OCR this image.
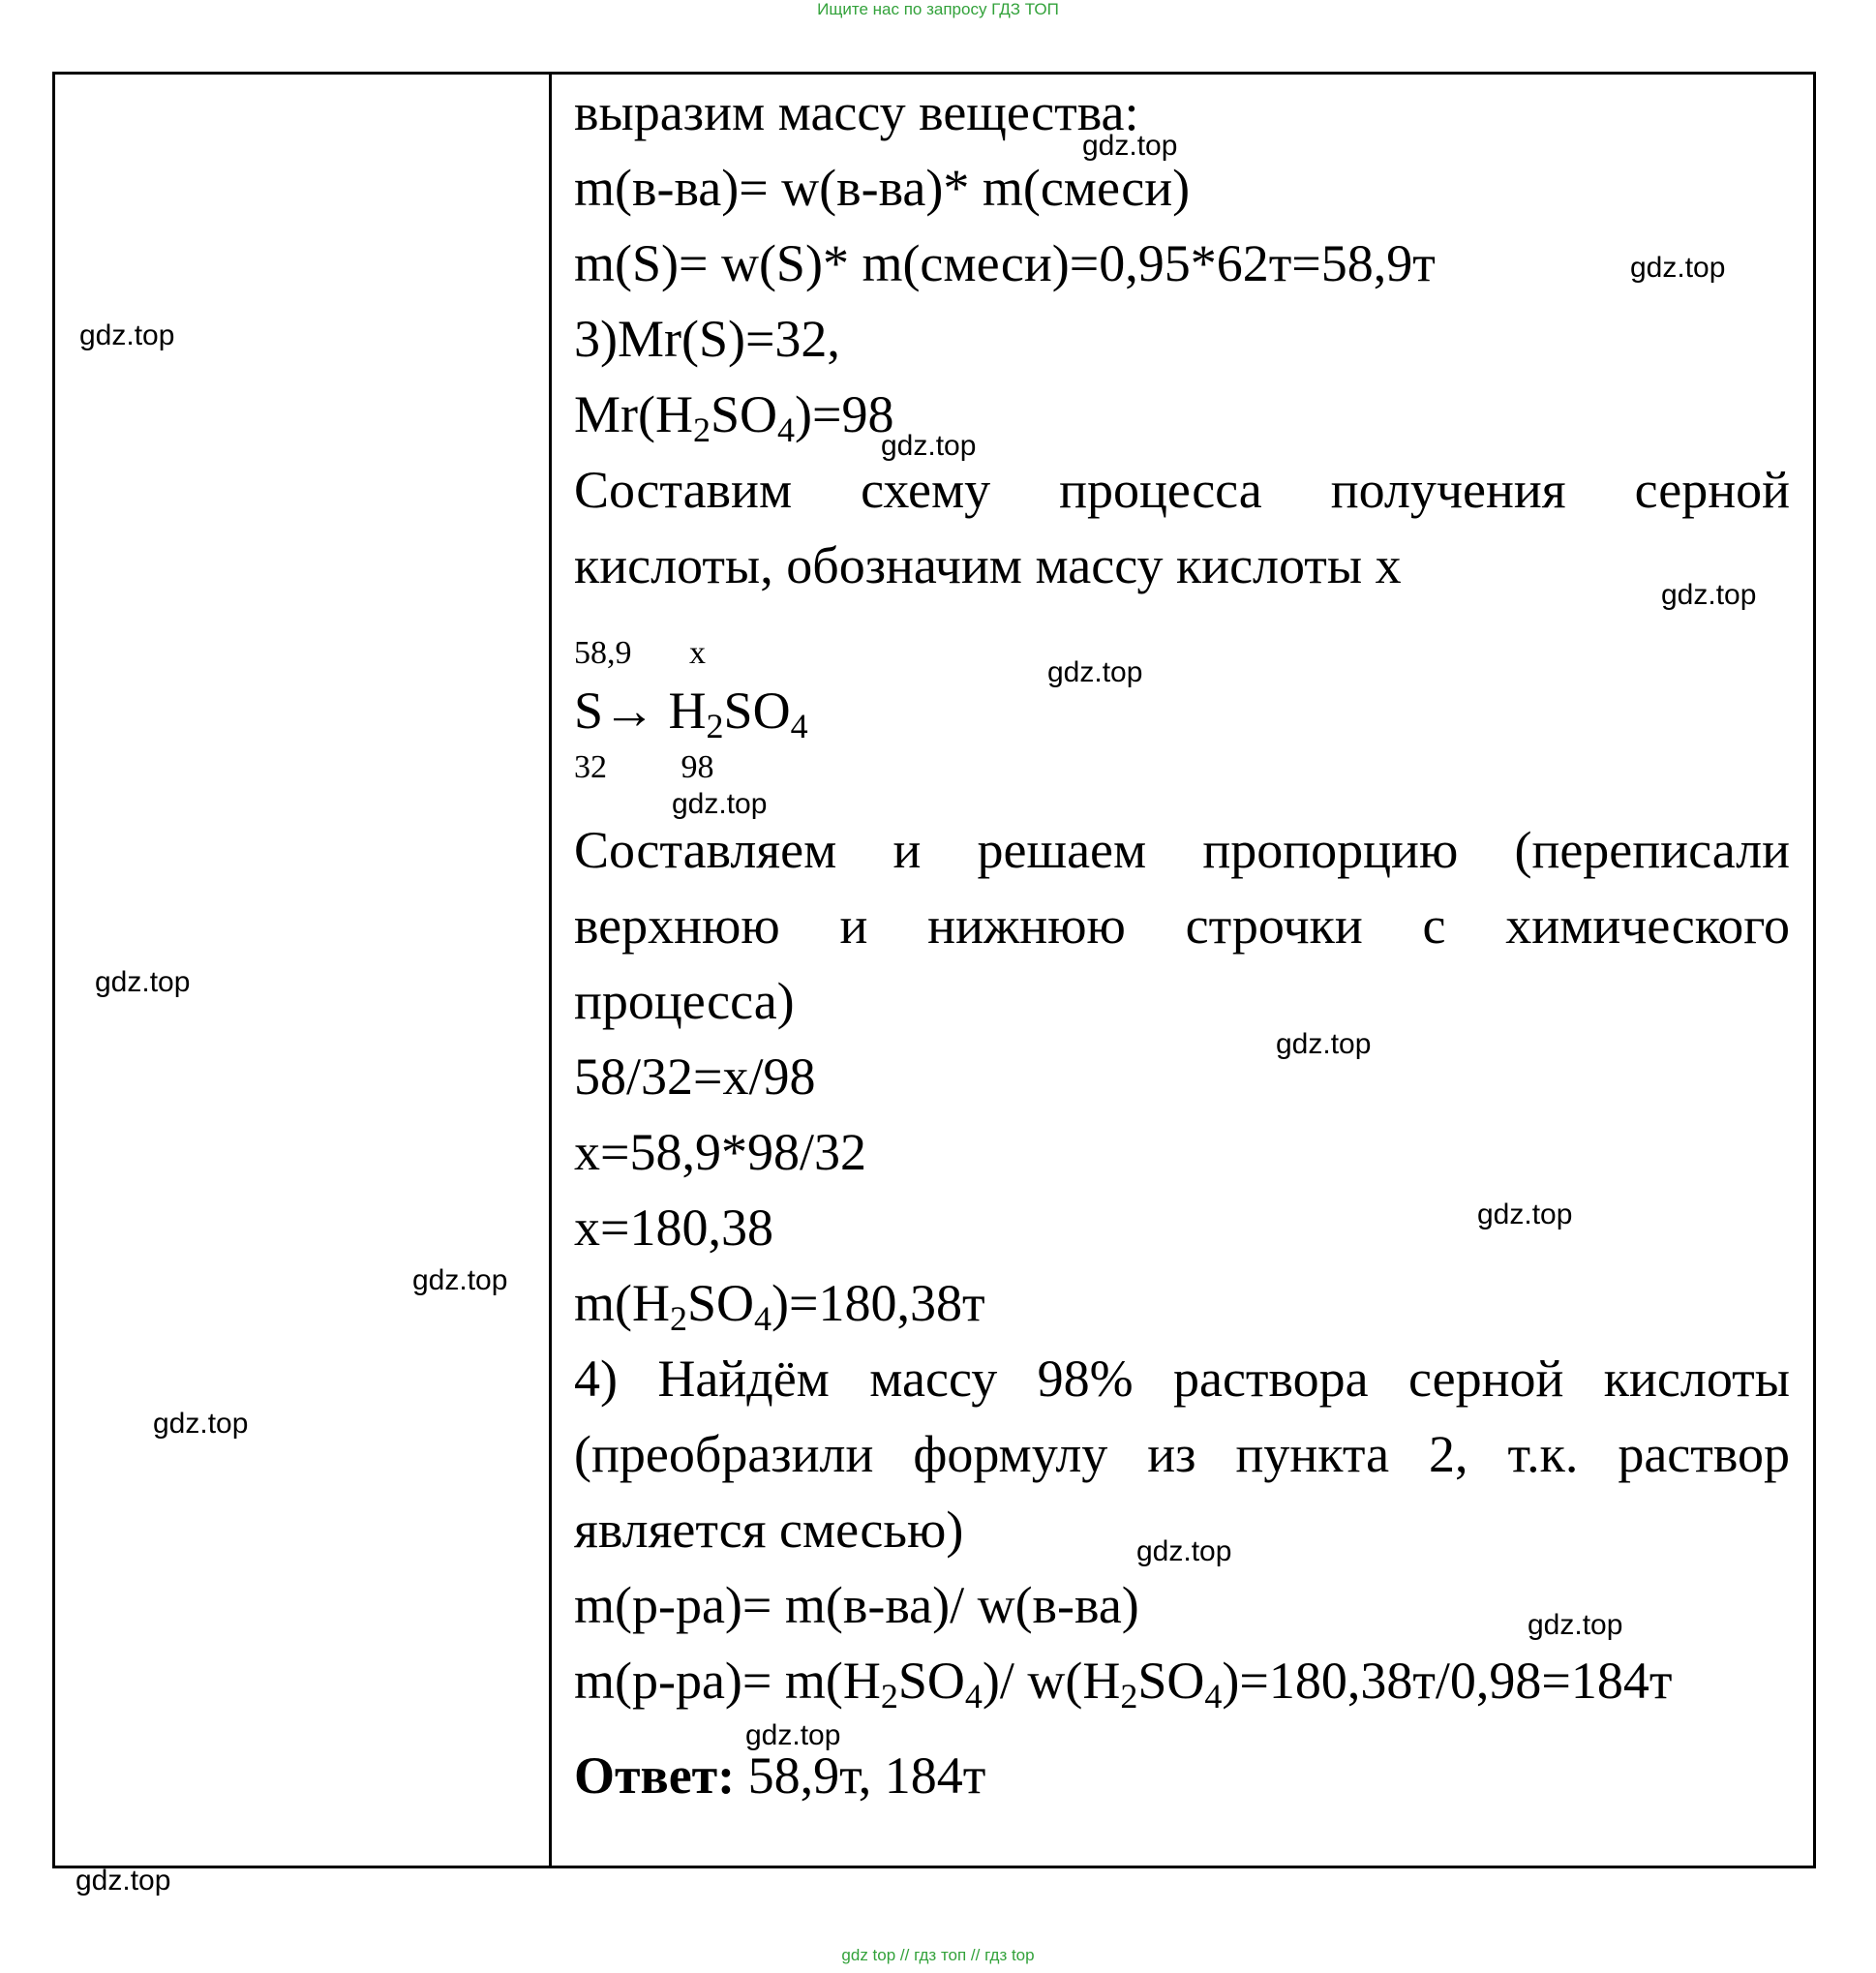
Ищите нас по запросу ГДЗ ТОП
выразим массу вещества:
m(в-ва)= w(в-ва)* m(смеси)
m(S)= w(S)* m(смеси)=0,95*62т=58,9т
3)Mr(S)=32,
$Mr(H_2SO_4)=98$
Составим схему процесса получения серной
кислоты, обозначим массу кислоты х
58,9       х
$S\to H_2SO_4$
32         98
Составляем и решаем пропорцию (переписали
верхнюю и нижнюю строчки с химического
процесса)
58/32=x/98
х=58,9*98/32
х=180,38
$m(H_2SO_4)=180,38т$
4) Найдём массу 98% раствора серной кислоты
(преобразили формулу из пункта 2, т.к. раствор
является смесью)
m(р-ра)= m(в-ва)/ w(в-ва)
$m(р-ра)= m(H_2SO_4)/$ $w(H_2SO_4)=180,38т/0,98=184т$
Ответ: 58,9т, 184т
gdz.top
gdz.top
gdz.top
gdz.top
gdz.top
gdz.top
gdz.top
gdz.top
gdz.top
gdz.top
gdz.top
gdz.top
gdz.top
gdz.top
gdz.top
gdz.top
gdz top // гдз топ // гдз top
